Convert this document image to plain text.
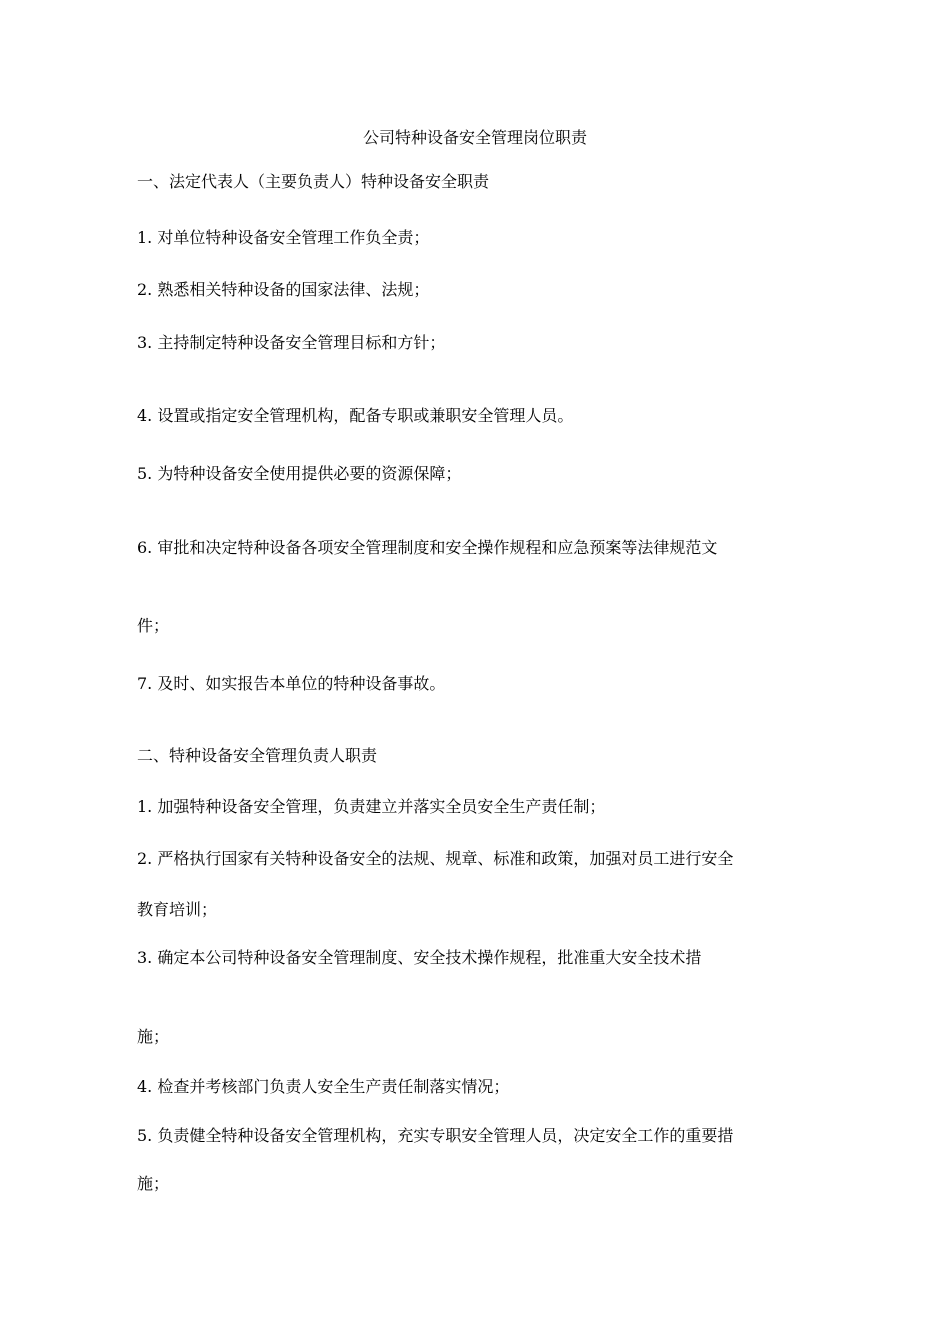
公司特种设备安全管理岗位职责
一、法定代表人（主要负责人）特种设备安全职责
1. 对单位特种设备安全管理工作负全责；
2. 熟悉相关特种设备的国家法律、法规；
3. 主持制定特种设备安全管理目标和方针；
4. 设置或指定安全管理机构，配备专职或兼职安全管理人员。
5. 为特种设备安全使用提供必要的资源保障；
6. 审批和决定特种设备各项安全管理制度和安全操作规程和应急预案等法律规范文
件；
7. 及时、如实报告本单位的特种设备事故。
二、特种设备安全管理负责人职责
1. 加强特种设备安全管理，负责建立并落实全员安全生产责任制；
2. 严格执行国家有关特种设备安全的法规、规章、标准和政策，加强对员工进行安全
教育培训；
3. 确定本公司特种设备安全管理制度、安全技术操作规程，批准重大安全技术措
施；
4. 检查并考核部门负责人安全生产责任制落实情况；
5. 负责健全特种设备安全管理机构，充实专职安全管理人员，决定安全工作的重要措
施；
